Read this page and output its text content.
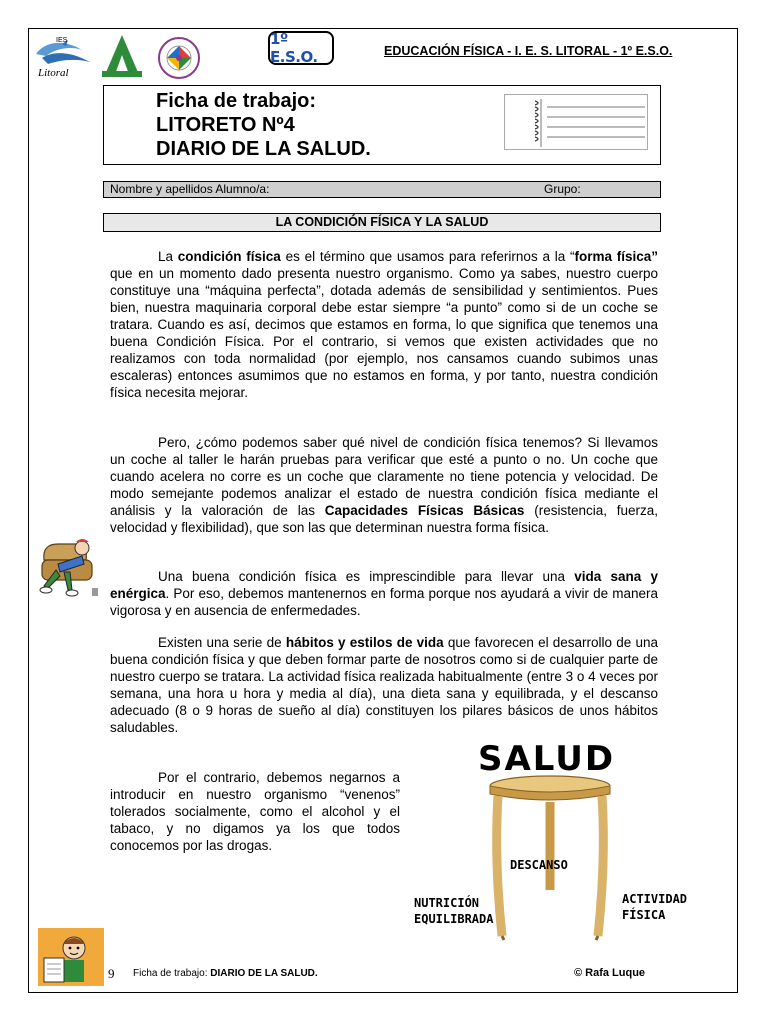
IES
Litoral
1º E.S.O.	EDUCACIÓN FÍSICA - I. E. S. LITORAL - 1º E.S.O.
Ficha de trabajo:
LITORETO Nº4
DIARIO DE LA SALUD.
Nombre y apellidos Alumno/a:	Grupo:
LA CONDICIÓN FÍSICA Y LA SALUD

La condición física es el término que usamos para referirnos a la “forma física” que en un momento dado presenta nuestro organismo. Como ya sabes, nuestro cuerpo constituye una “máquina perfecta”, dotada además de sensibilidad y sentimientos. Pues bien, nuestra maquinaria corporal debe estar siempre “a punto” como si de un coche se tratara. Cuando es así, decimos que estamos en forma, lo que significa que tenemos una buena Condición Física. Por el contrario, si vemos que existen actividades que no realizamos con toda normalidad (por ejemplo, nos cansamos cuando subimos unas escaleras) entonces asumimos que no estamos en forma, y por tanto, nuestra condición física necesita mejorar.

Pero, ¿cómo podemos saber qué nivel de condición física tenemos? Si llevamos un coche al taller le harán pruebas para verificar que esté a punto o no. Un coche que cuando acelera no corre es un coche que claramente no tiene potencia y velocidad. De modo semejante podemos analizar el estado de nuestra condición física mediante el análisis y la valoración de las Capacidades Físicas Básicas (resistencia, fuerza, velocidad y flexibilidad), que son las que determinan nuestra forma física.

Una buena condición física es imprescindible para llevar una vida sana y enérgica. Por eso, debemos mantenernos en forma porque nos ayudará a vivir de manera vigorosa y en ausencia de enfermedades.

Existen una serie de hábitos y estilos de vida que favorecen el desarrollo de una buena condición física y que deben formar parte de nosotros como si de cualquier parte de nuestro cuerpo se tratara. La actividad física realizada habitualmente (entre 3 o 4 veces por semana, una hora u hora y media al día), una dieta sana y equilibrada, y el descanso adecuado (8 o 9 horas de sueño al día) constituyen los pilares básicos de unos hábitos saludables.

Por el contrario, debemos negarnos a introducir en nuestro organismo “venenos” tolerados socialmente, como el alcohol y el tabaco, y no digamos ya los que todos conocemos por las drogas.

SALUD
DESCANSO
NUTRICIÓN
EQUILIBRADA
ACTIVIDAD
FÍSICA
9 Ficha de trabajo: DIARIO DE LA SALUD.	© Rafa Luque
